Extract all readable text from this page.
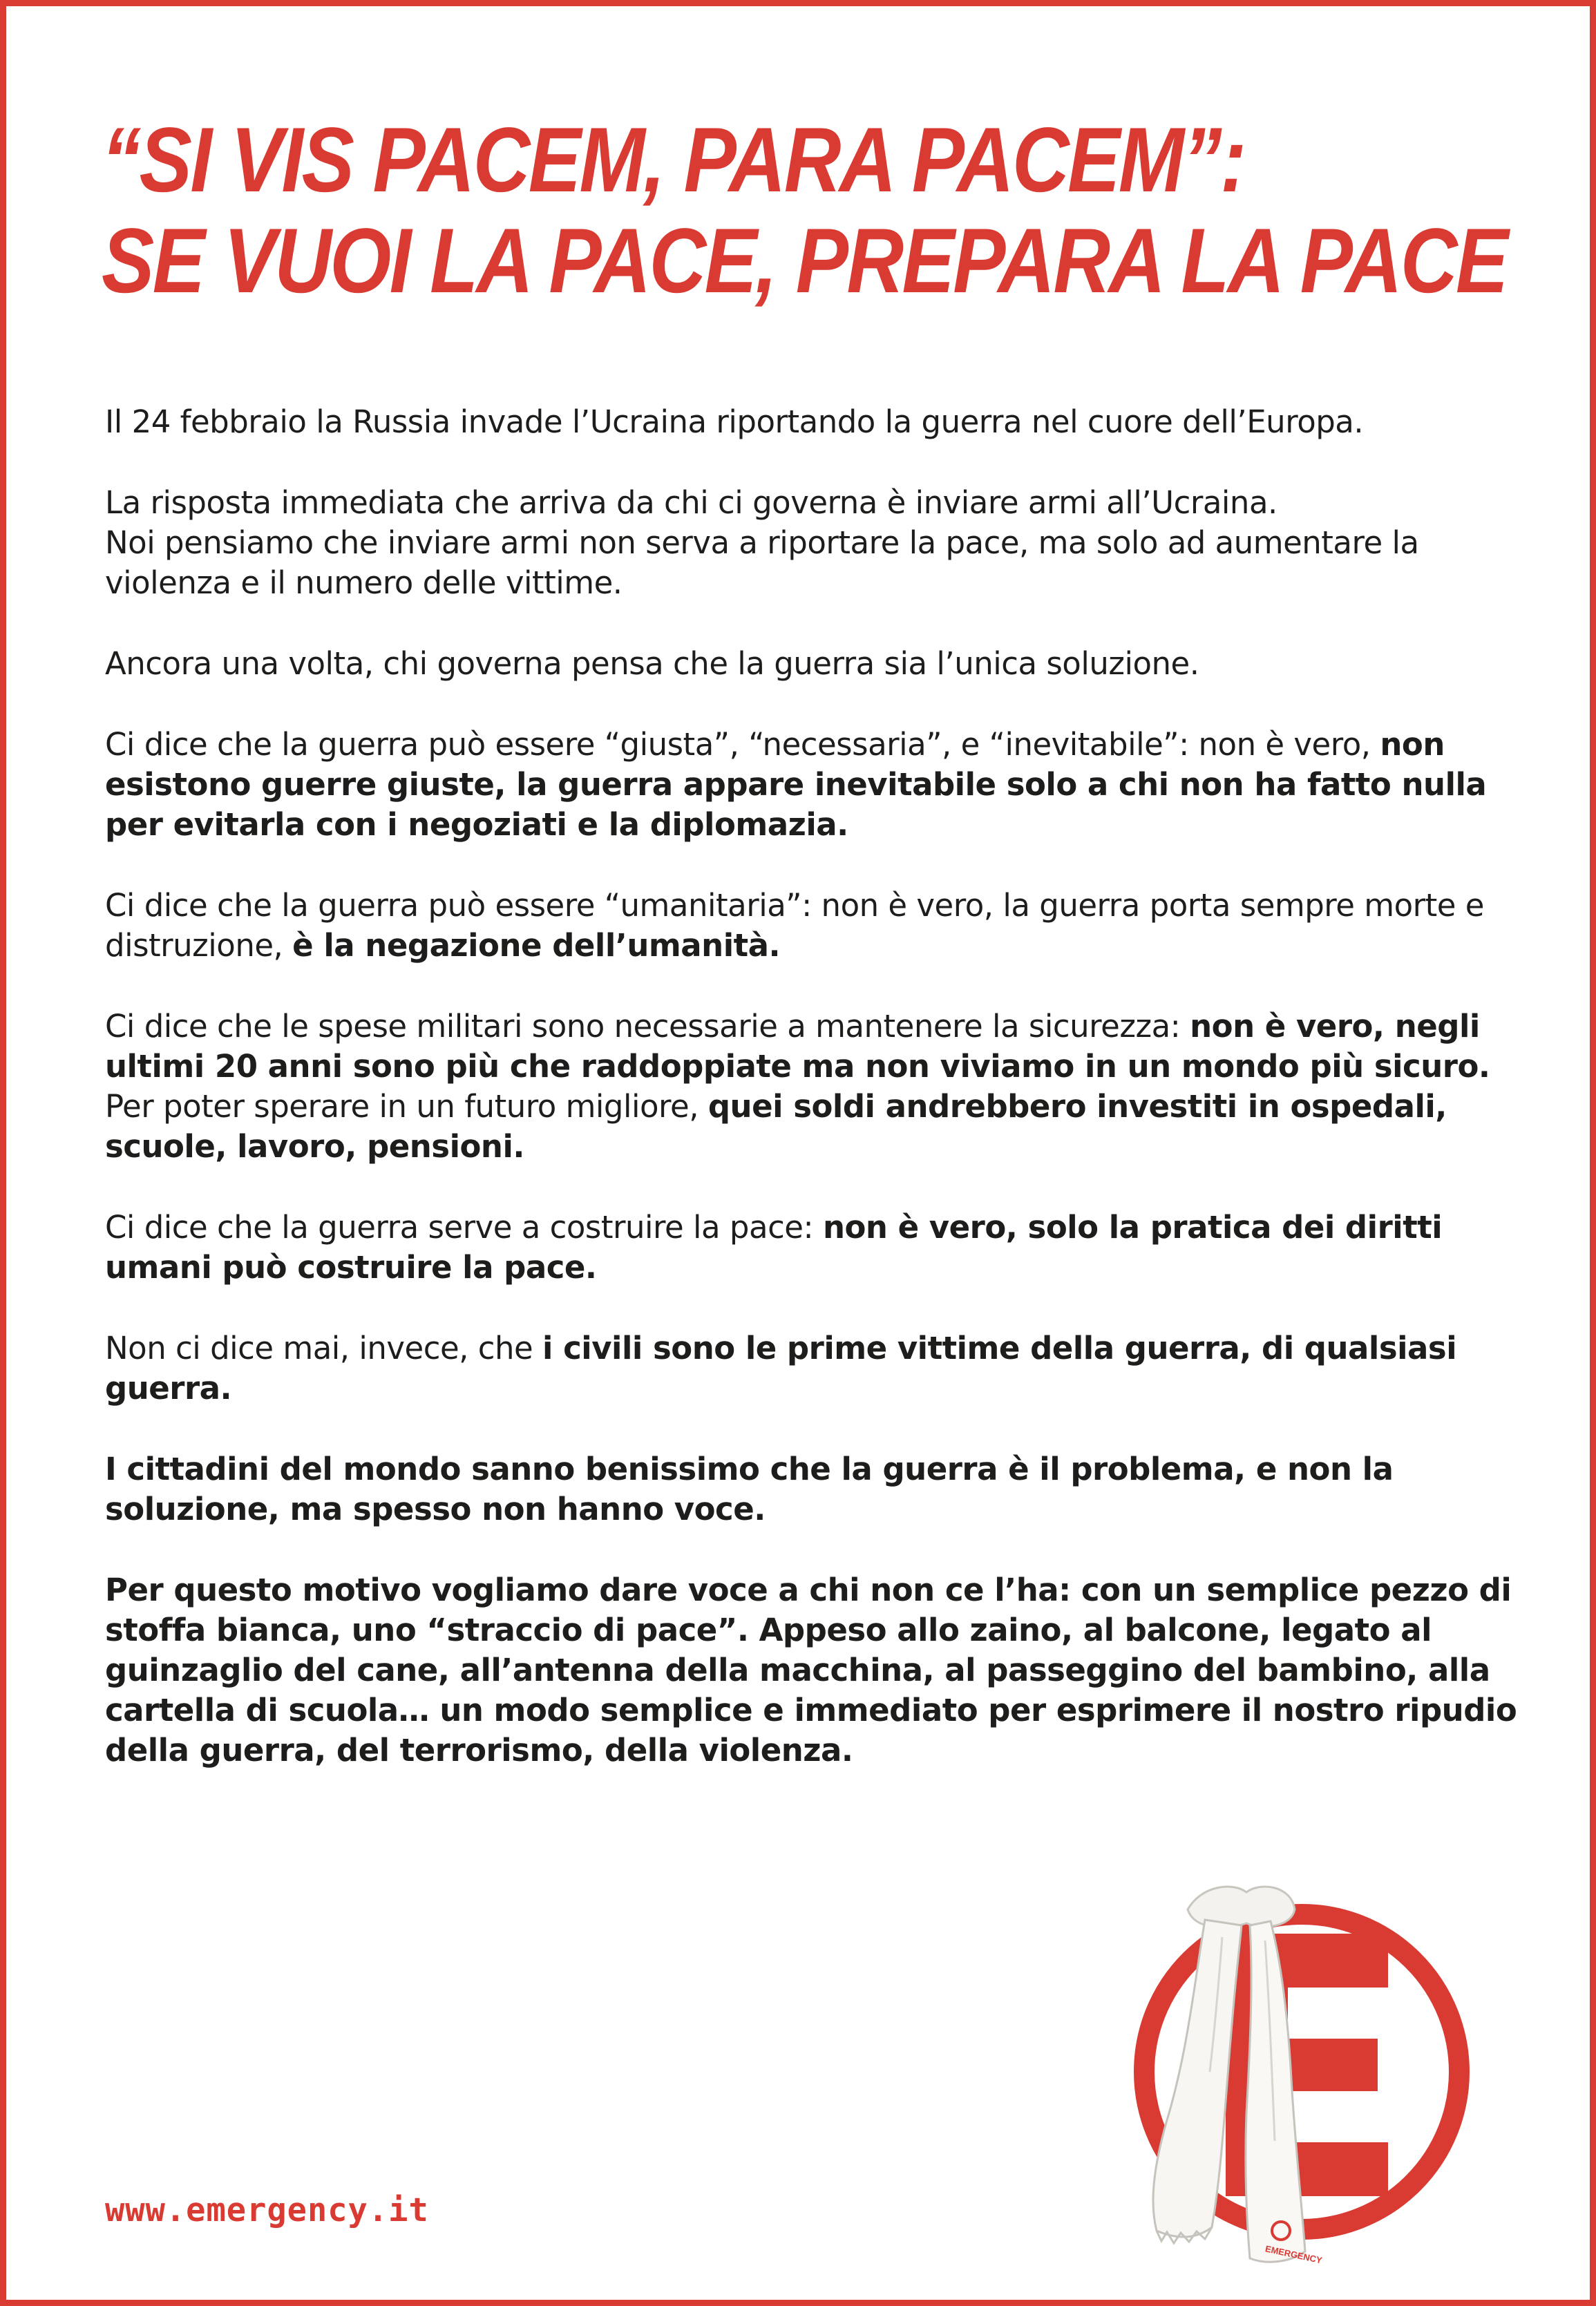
“SI VIS PACEM, PARA PACEM”:
SE VUOI LA PACE, PREPARA LA PACE

Il 24 febbraio la Russia invade l’Ucraina riportando la guerra nel cuore dell’Europa.

La risposta immediata che arriva da chi ci governa è inviare armi all’Ucraina.
Noi pensiamo che inviare armi non serva a riportare la pace, ma solo ad aumentare la violenza e il numero delle vittime.

Ancora una volta, chi governa pensa che la guerra sia l’unica soluzione.

Ci dice che la guerra può essere “giusta”, “necessaria”, e “inevitabile”: non è vero, non esistono guerre giuste, la guerra appare inevitabile solo a chi non ha fatto nulla per evitarla con i negoziati e la diplomazia.

Ci dice che la guerra può essere “umanitaria”: non è vero, la guerra porta sempre morte e distruzione, è la negazione dell’umanità.

Ci dice che le spese militari sono necessarie a mantenere la sicurezza: non è vero, negli ultimi 20 anni sono più che raddoppiate ma non viviamo in un mondo più sicuro. Per poter sperare in un futuro migliore, quei soldi andrebbero investiti in ospedali, scuole, lavoro, pensioni.

Ci dice che la guerra serve a costruire la pace: non è vero, solo la pratica dei diritti umani può costruire la pace.

Non ci dice mai, invece, che i civili sono le prime vittime della guerra, di qualsiasi guerra.

I cittadini del mondo sanno benissimo che la guerra è il problema, e non la soluzione, ma spesso non hanno voce.

Per questo motivo vogliamo dare voce a chi non ce l’ha: con un semplice pezzo di stoffa bianca, uno “straccio di pace”. Appeso allo zaino, al balcone, legato al guinzaglio del cane, all’antenna della macchina, al passeggino del bambino, alla cartella di scuola… un modo semplice e immediato per esprimere il nostro ripudio della guerra, del terrorismo, della violenza.

www.emergency.it
EMERGENCY
